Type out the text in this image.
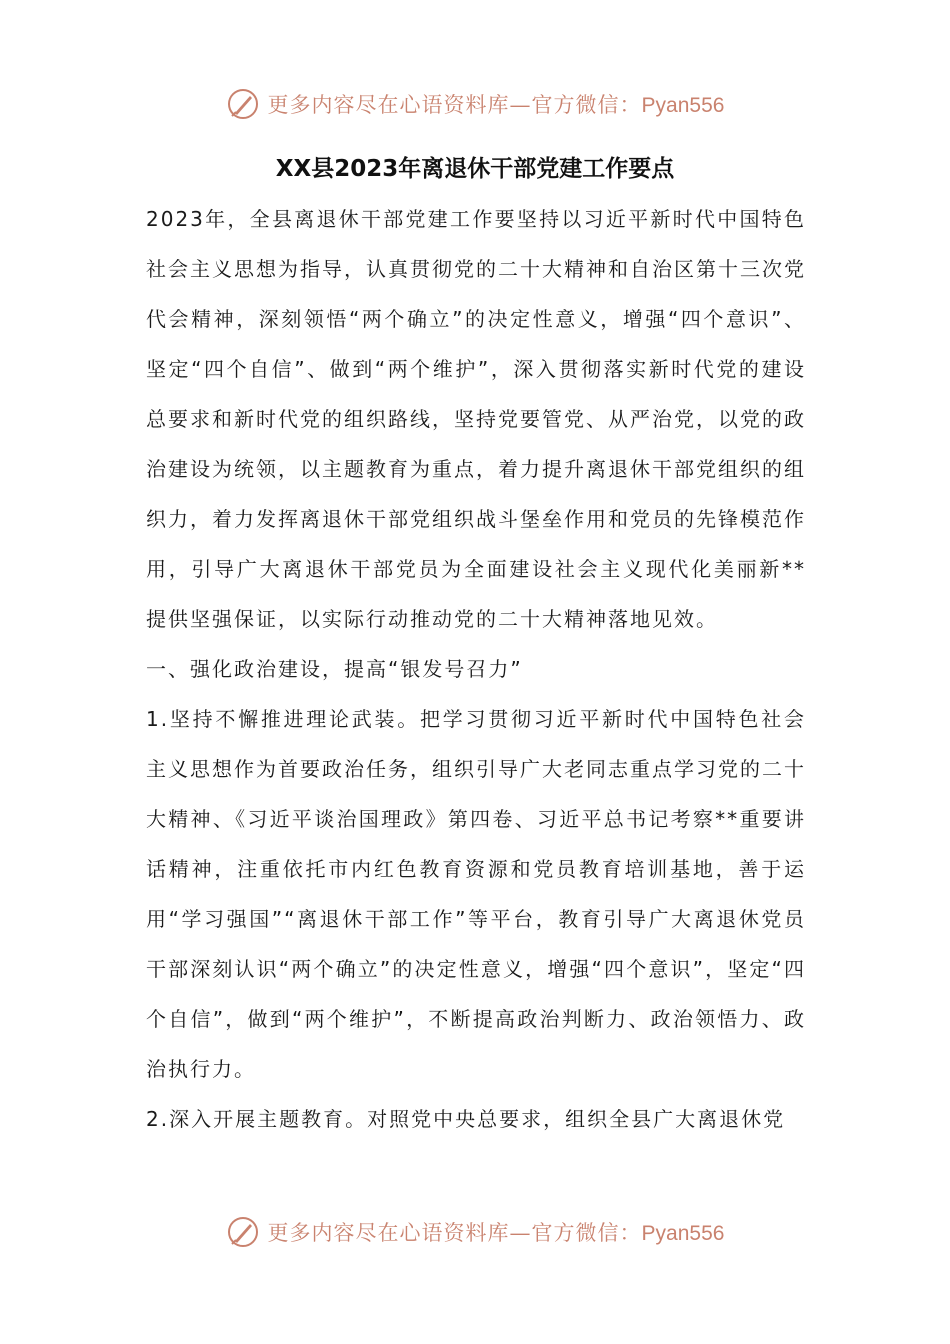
更多内容尽在心语资料库—官方微信：Pyan556
XX县2023年离退休干部党建工作要点

2023年，全县离退休干部党建工作要坚持以习近平新时代中国特色社会主义思想为指导，认真贯彻党的二十大精神和自治区第十三次党代会精神，深刻领悟“两个确立”的决定性意义，增强“四个意识”、坚定“四个自信”、做到“两个维护”，深入贯彻落实新时代党的建设总要求和新时代党的组织路线，坚持党要管党、从严治党，以党的政治建设为统领，以主题教育为重点，着力提升离退休干部党组织的组织力，着力发挥离退休干部党组织战斗堡垒作用和党员的先锋模范作用，引导广大离退休干部党员为全面建设社会主义现代化美丽新**提供坚强保证，以实际行动推动党的二十大精神落地见效。

一、强化政治建设，提高“银发号召力”

1.坚持不懈推进理论武装。把学习贯彻习近平新时代中国特色社会主义思想作为首要政治任务，组织引导广大老同志重点学习党的二十大精神、《习近平谈治国理政》第四卷、习近平总书记考察**重要讲话精神，注重依托市内红色教育资源和党员教育培训基地，善于运用“学习强国”“离退休干部工作”等平台，教育引导广大离退休党员干部深刻认识“两个确立”的决定性意义，增强“四个意识”，坚定“四个自信”，做到“两个维护”，不断提高政治判断力、政治领悟力、政治执行力。

2.深入开展主题教育。对照党中央总要求，组织全县广大离退休党

更多内容尽在心语资料库—官方微信：Pyan556
